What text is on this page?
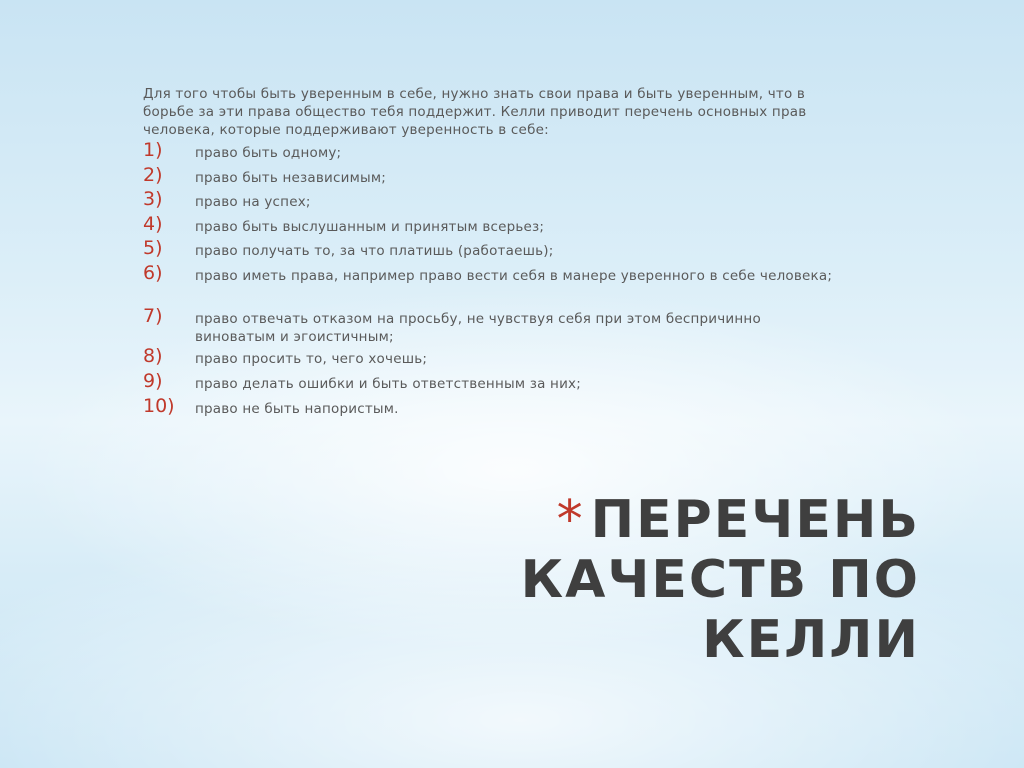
Для того чтобы быть уверенным в себе, нужно знать свои права и быть уверенным, что в борьбе за эти права общество тебя поддержит. Келли приводит перечень основных прав человека, которые поддерживают уверенность в себе:
1) право быть одному;
2) право быть независимым;
3) право на успех;
4) право быть выслушанным и принятым всерьез;
5) право получать то, за что платишь (работаешь);
6) право иметь права, например право вести себя в манере уверенного в себе человека;
7) право отвечать отказом на просьбу, не чувствуя себя при этом беспричинно виноватым и эгоистичным;
8) право просить то, чего хочешь;
9) право делать ошибки и быть ответственным за них;
10) право не быть напористым.
* ПЕРЕЧЕНЬ КАЧЕСТВ ПО
КЕЛЛИ
